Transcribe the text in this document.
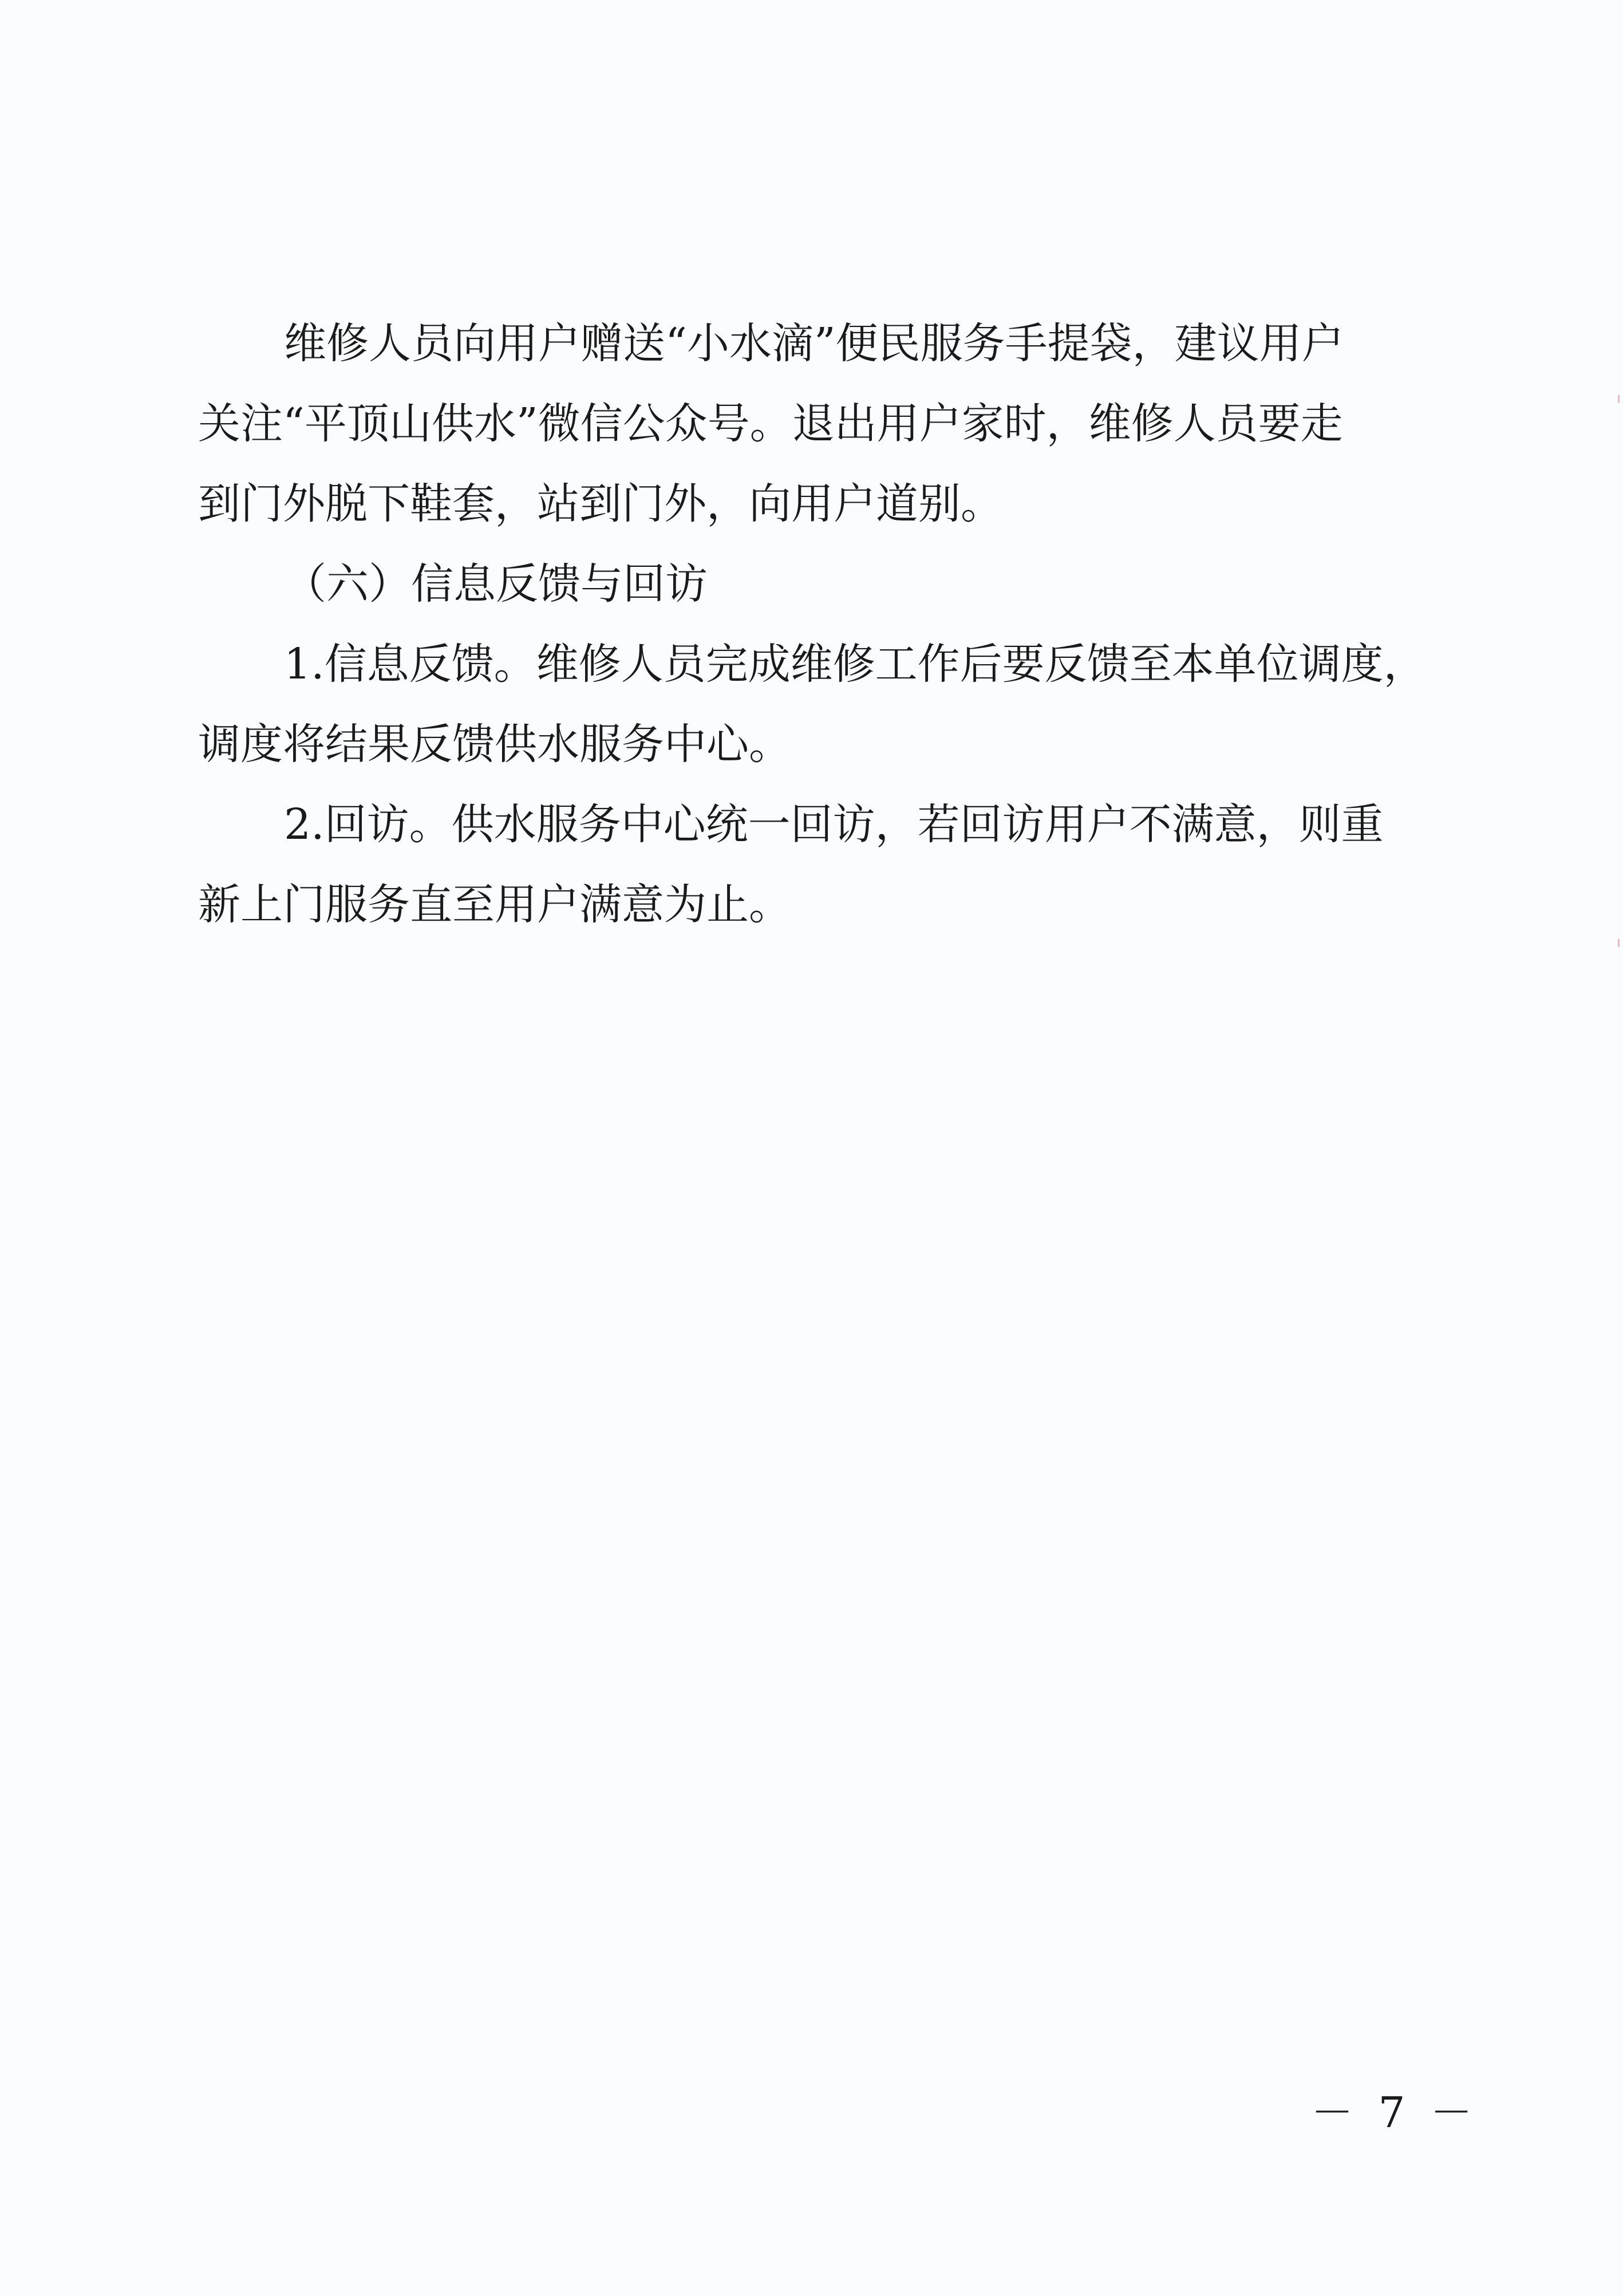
维修人员向用户赠送“小水滴”便民服务手提袋，建议用户

关注“平顶山供水”微信公众号。退出用户家时，维修人员要走

到门外脱下鞋套，站到门外，向用户道别。

（六）信息反馈与回访

1.信息反馈。维修人员完成维修工作后要反馈至本单位调度，

调度将结果反馈供水服务中心。

2.回访。供水服务中心统一回访，若回访用户不满意，则重

新上门服务直至用户满意为止。

－ 7 －
